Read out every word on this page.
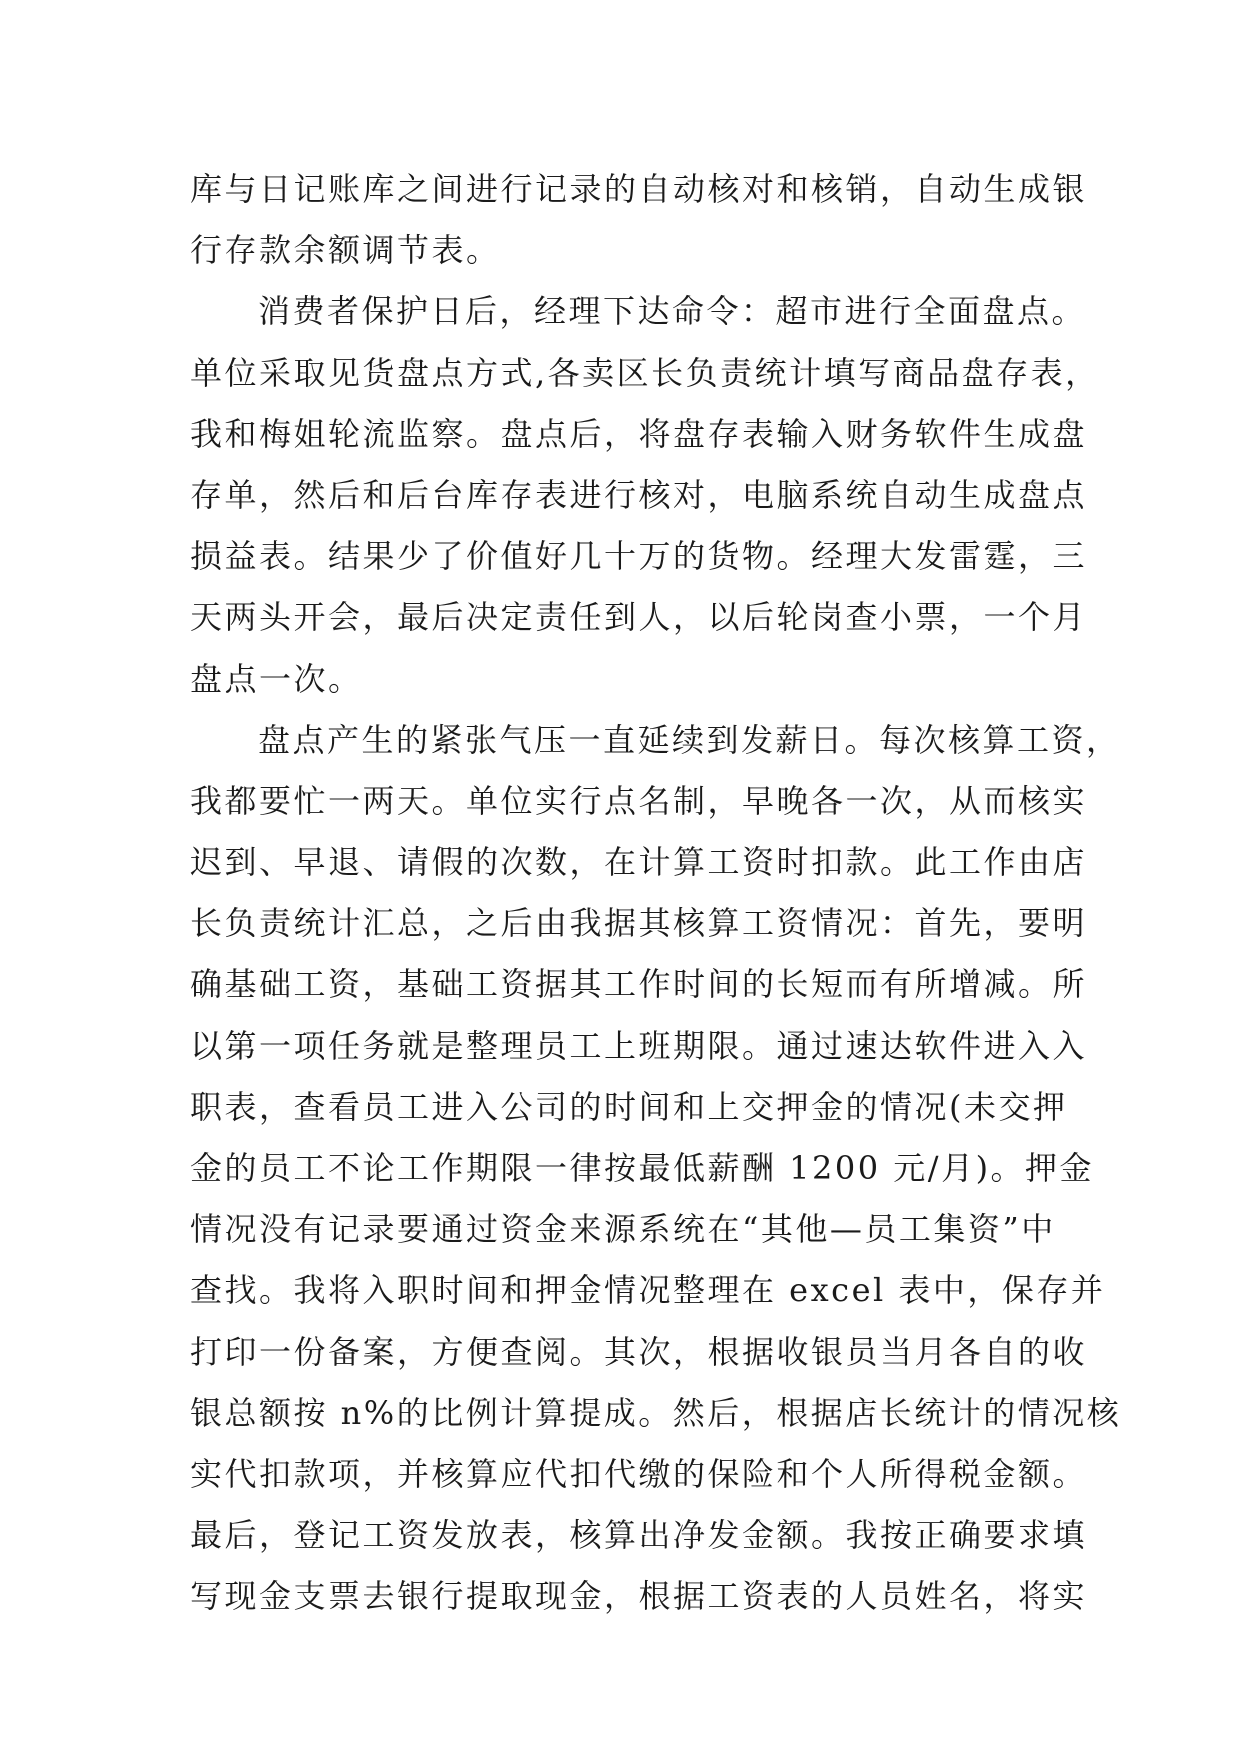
库与日记账库之间进行记录的自动核对和核销，自动生成银
行存款余额调节表。
消费者保护日后，经理下达命令：超市进行全面盘点。
单位采取见货盘点方式,各卖区长负责统计填写商品盘存表，
我和梅姐轮流监察。盘点后，将盘存表输入财务软件生成盘
存单，然后和后台库存表进行核对，电脑系统自动生成盘点
损益表。结果少了价值好几十万的货物。经理大发雷霆，三
天两头开会，最后决定责任到人，以后轮岗查小票，一个月
盘点一次。
盘点产生的紧张气压一直延续到发薪日。每次核算工资，
我都要忙一两天。单位实行点名制，早晚各一次，从而核实
迟到、早退、请假的次数，在计算工资时扣款。此工作由店
长负责统计汇总，之后由我据其核算工资情况：首先，要明
确基础工资，基础工资据其工作时间的长短而有所增减。所
以第一项任务就是整理员工上班期限。通过速达软件进入入
职表，查看员工进入公司的时间和上交押金的情况(未交押
金的员工不论工作期限一律按最低薪酬 1200 元/月)。押金
情况没有记录要通过资金来源系统在“其他—员工集资”中
查找。我将入职时间和押金情况整理在 excel 表中，保存并
打印一份备案，方便查阅。其次，根据收银员当月各自的收
银总额按 n%的比例计算提成。然后，根据店长统计的情况核
实代扣款项，并核算应代扣代缴的保险和个人所得税金额。
最后，登记工资发放表，核算出净发金额。我按正确要求填
写现金支票去银行提取现金，根据工资表的人员姓名，将实
